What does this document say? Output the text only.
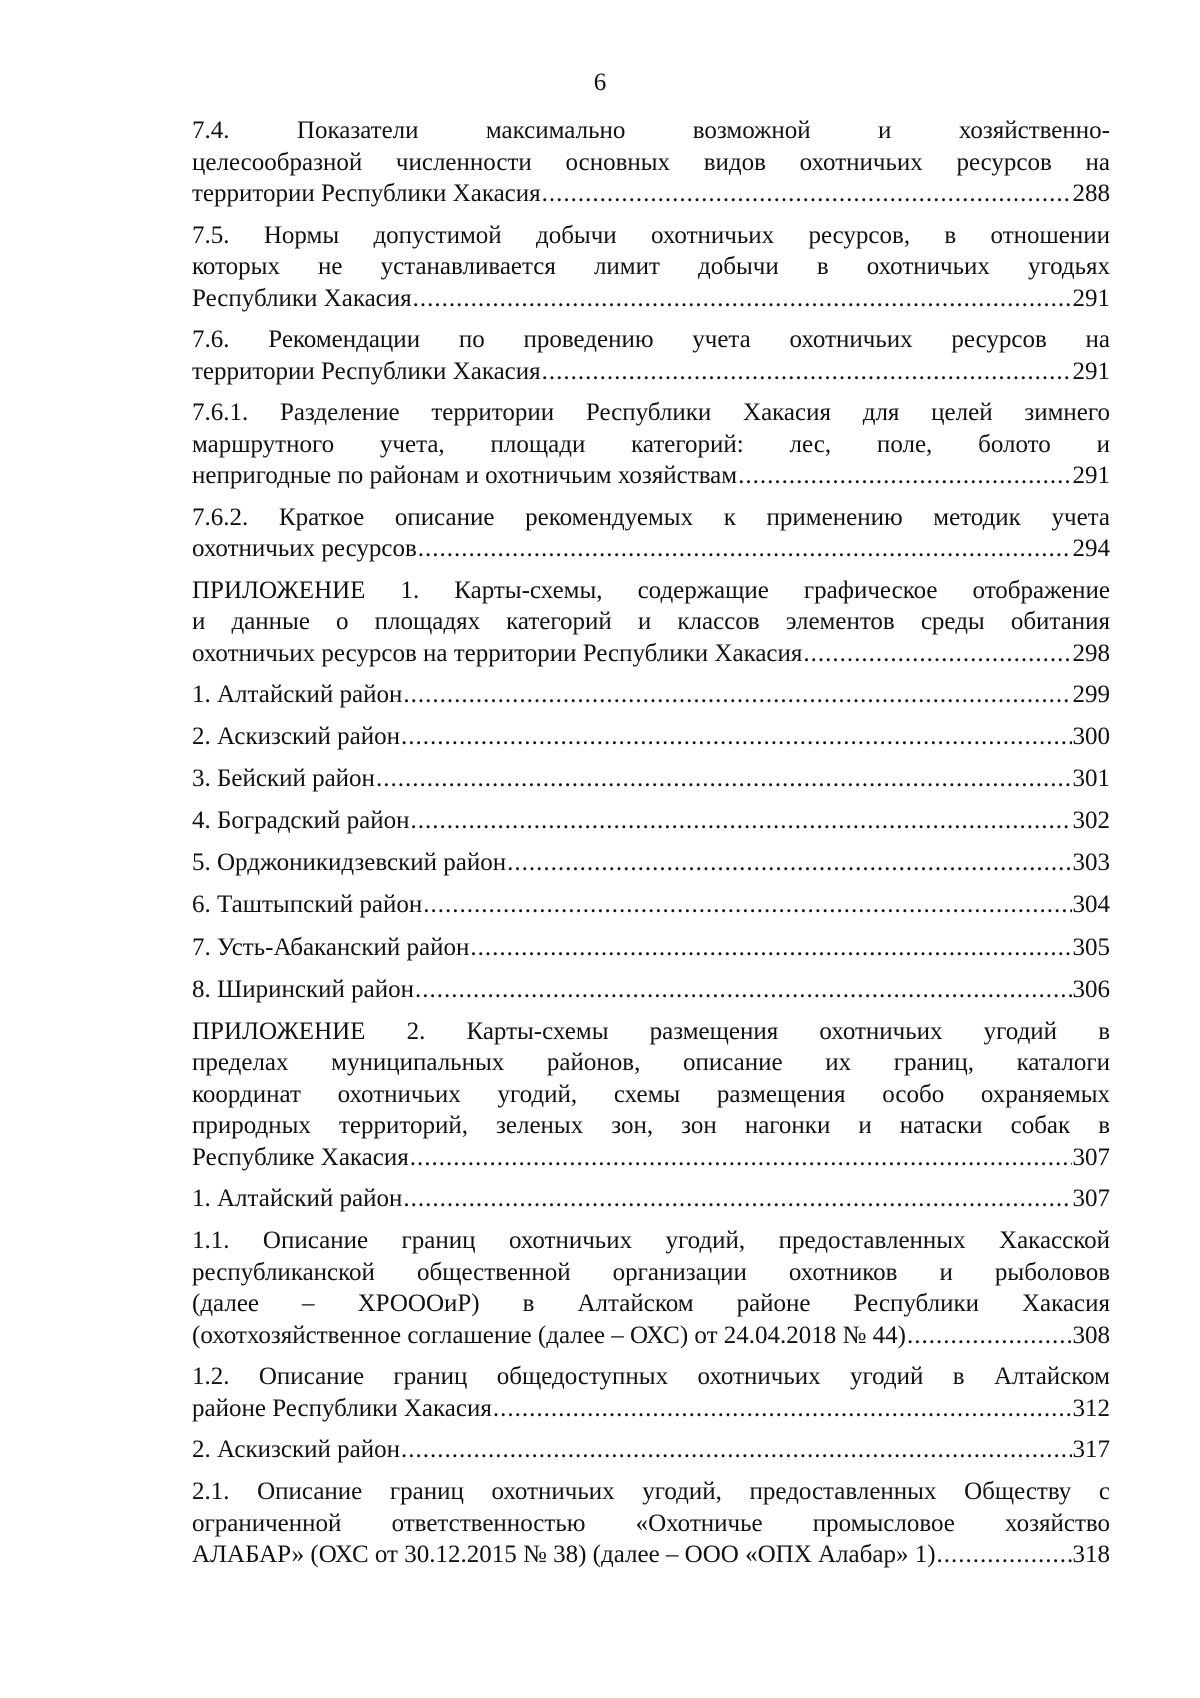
6
7.4. Показатели максимально возможной и хозяйственно-
целесообразной численности основных видов охотничьих ресурсов на
территории Республики Хакасия .....	288
7.5. Нормы допустимой добычи охотничьих ресурсов, в отношении
которых не устанавливается лимит добычи в охотничьих угодьях
Республики Хакасия .....	291
7.6. Рекомендации по проведению учета охотничьих ресурсов на
территории Республики Хакасия .....	291
7.6.1. Разделение территории Республики Хакасия для целей зимнего
маршрутного учета, площади категорий: лес, поле, болото и
непригодные по районам и охотничьим хозяйствам .....	291
7.6.2. Краткое описание рекомендуемых к применению методик учета
охотничьих ресурсов .....	294
ПРИЛОЖЕНИЕ 1. Карты-схемы, содержащие графическое отображение
и данные о площадях категорий и классов элементов среды обитания
охотничьих ресурсов на территории Республики Хакасия .....	298
1. Алтайский район .....	299
2. Аскизский район .....	300
3. Бейский район .....	301
4. Боградский район .....	302
5. Орджоникидзевский район .....	303
6. Таштыпский район .....	304
7. Усть-Абаканский район .....	305
8. Ширинский район .....	306
ПРИЛОЖЕНИЕ 2. Карты-схемы размещения охотничьих угодий в
пределах муниципальных районов, описание их границ, каталоги
координат охотничьих угодий, схемы размещения особо охраняемых
природных территорий, зеленых зон, зон нагонки и натаски собак в
Республике Хакасия .....	307
1. Алтайский район .....	307
1.1. Описание границ охотничьих угодий, предоставленных Хакасской
республиканской общественной организации охотников и рыболовов
(далее – ХРОООиР) в Алтайском районе Республики Хакасия
(охотхозяйственное соглашение (далее – ОХС) от 24.04.2018 № 44) .....	308
1.2. Описание границ общедоступных охотничьих угодий в Алтайском
районе Республики Хакасия .....	312
2. Аскизский район .....	317
2.1. Описание границ охотничьих угодий, предоставленных Обществу с
ограниченной ответственностью «Охотничье промысловое хозяйство
АЛАБАР» (ОХС от 30.12.2015 № 38) (далее – ООО «ОПХ Алабар» 1) .....	318
